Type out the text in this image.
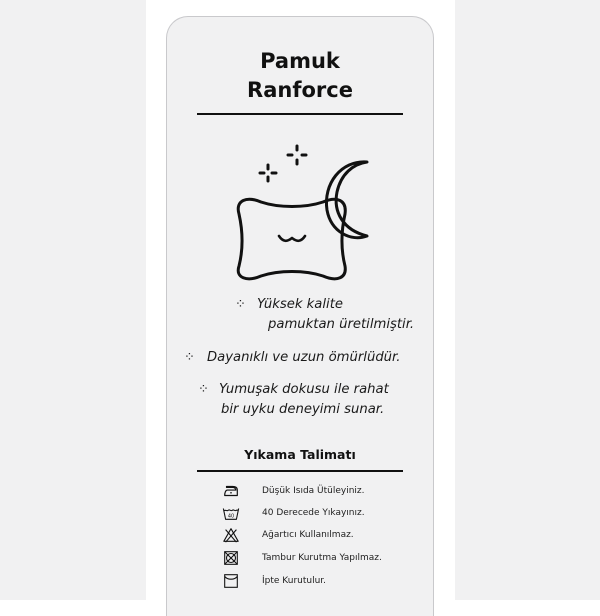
Pamuk
Ranforce
⁘ Yüksek kalite
pamuktan üretilmiştir.
⁘ Dayanıklı ve uzun ömürlüdür.
⁘ Yumuşak dokusu ile rahat
bir uyku deneyimi sunar.
Yıkama Talimatı
Düşük Isıda Ütüleyiniz.
40	40 Derecede Yıkayınız.
Ağartıcı Kullanılmaz.
Tambur Kurutma Yapılmaz.
İpte Kurutulur.
